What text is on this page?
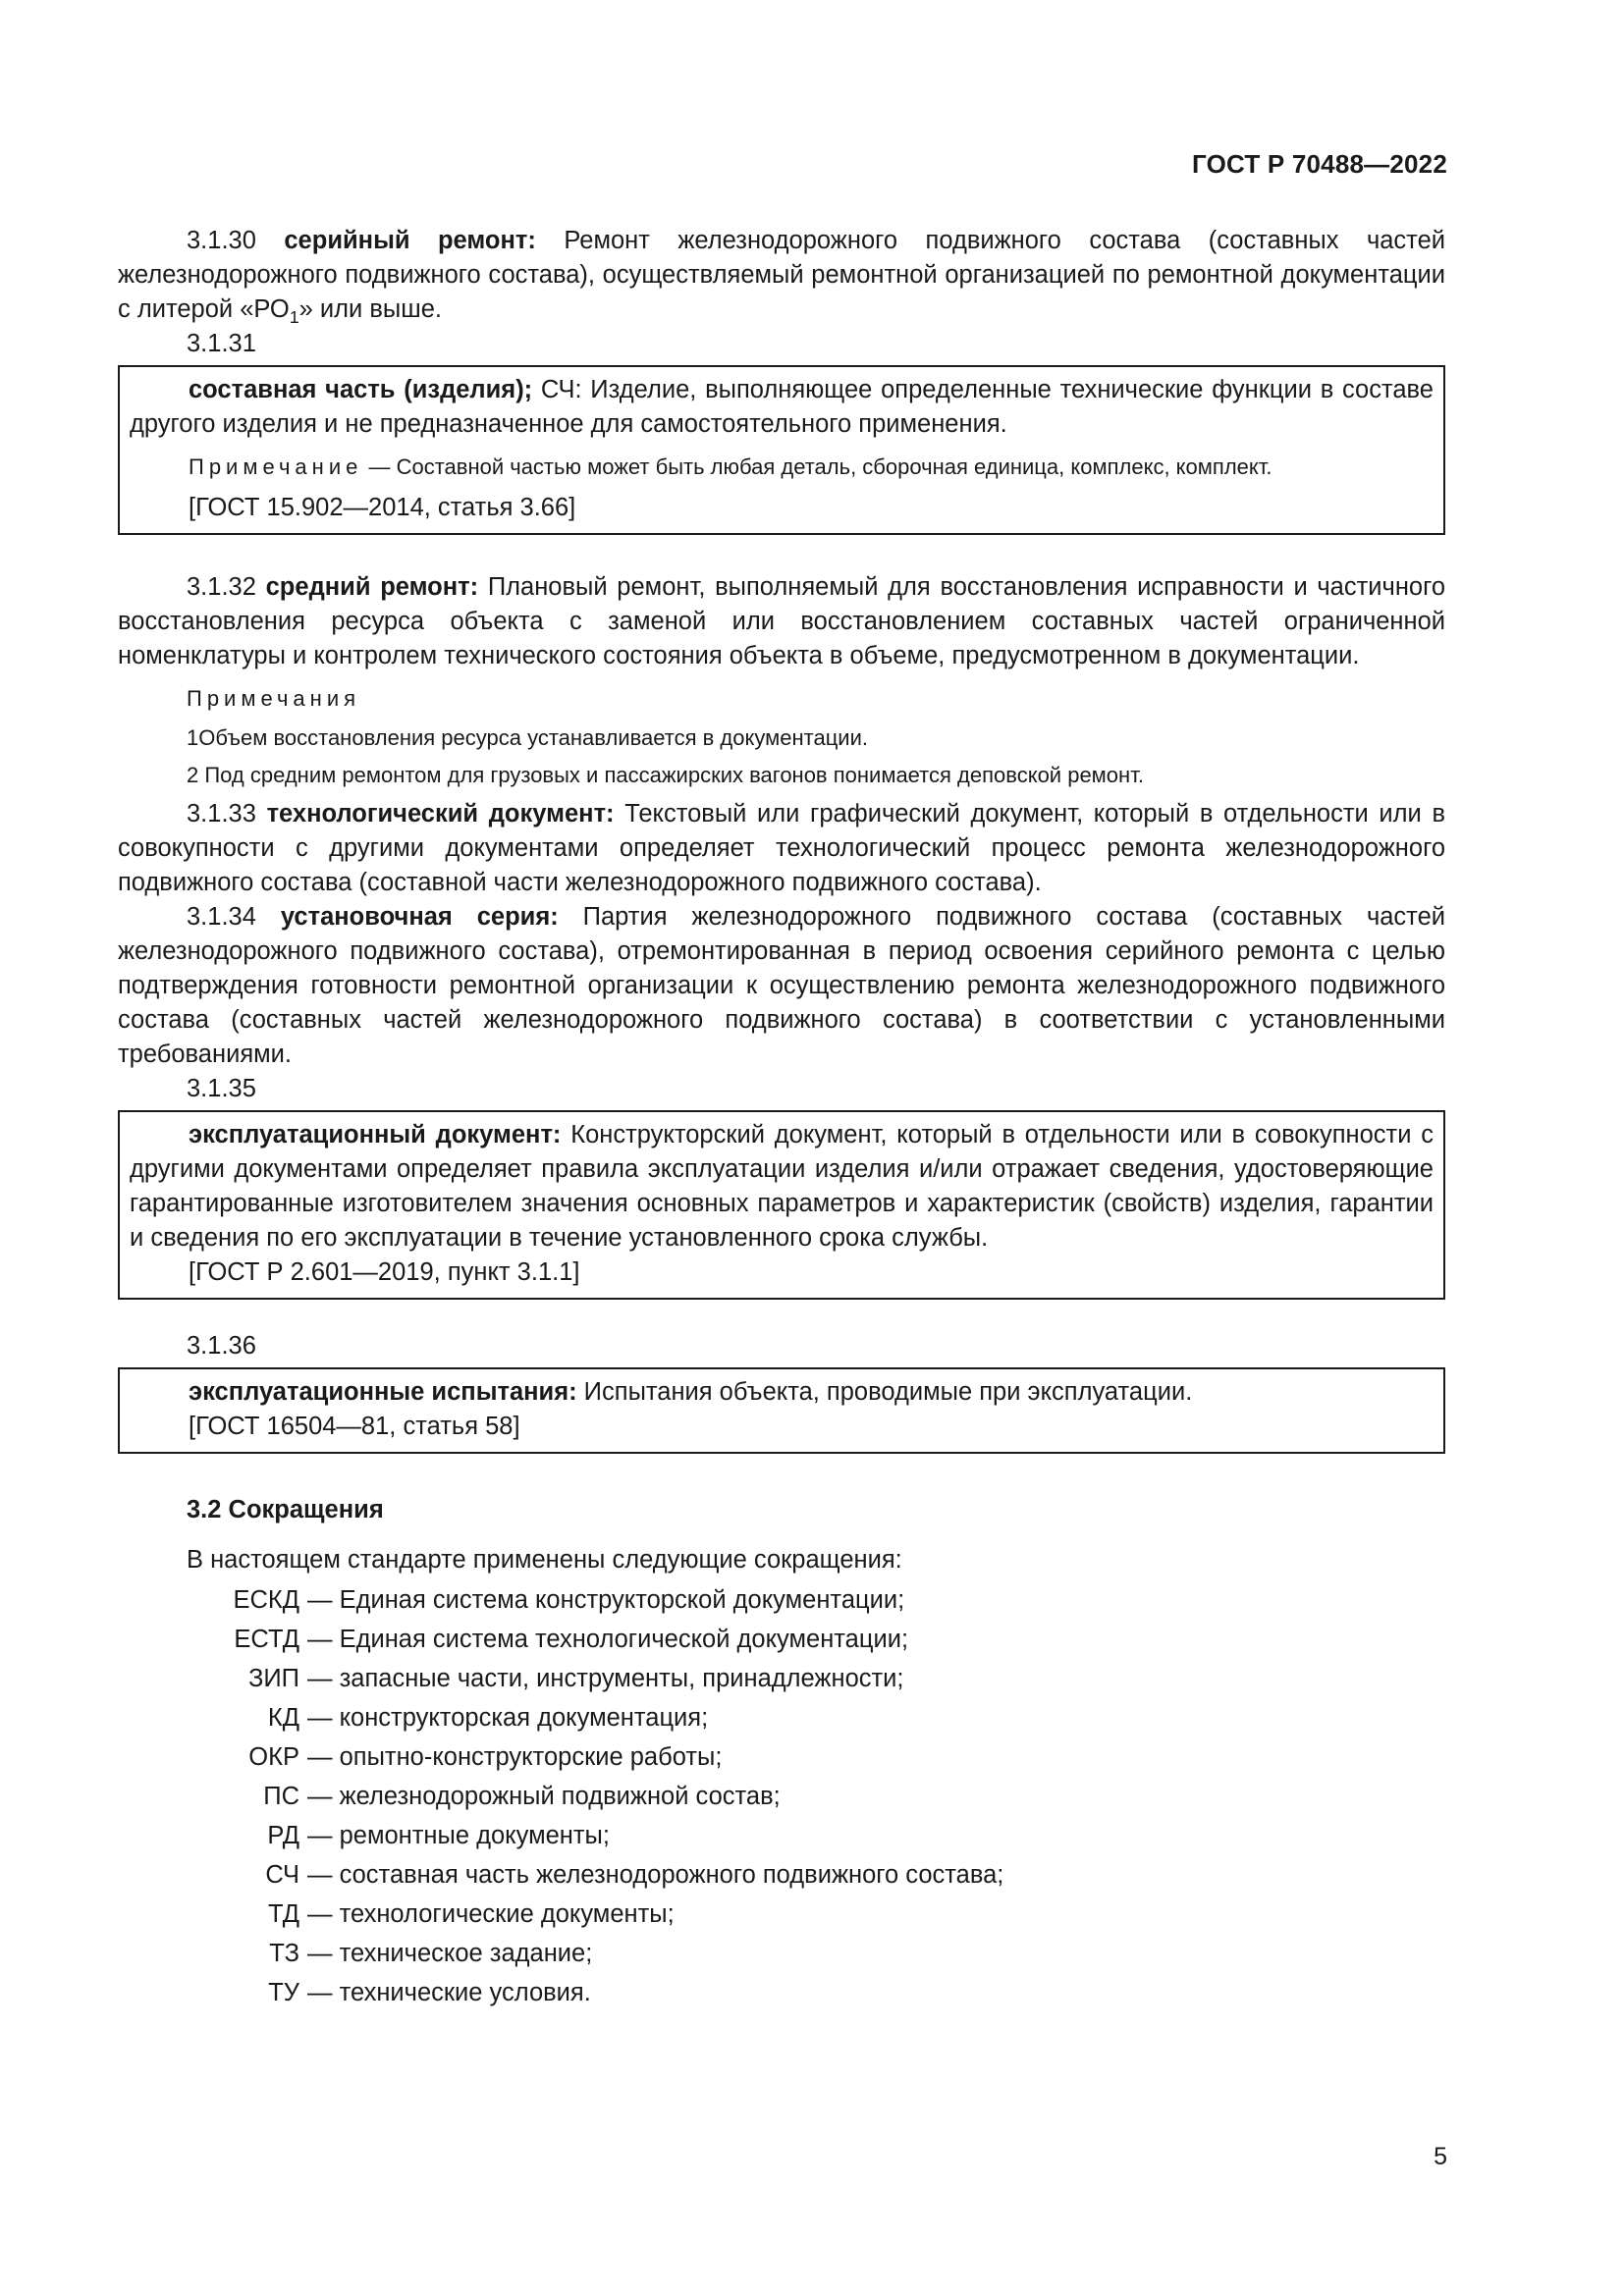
ГОСТ Р 70488—2022

3.1.30 серийный ремонт: Ремонт железнодорожного подвижного состава (составных частей железнодорожного подвижного состава), осуществляемый ремонтной организацией по ремонтной документации с литерой «$РО_1$» или выше.

3.1.31

составная часть (изделия); СЧ: Изделие, выполняющее определенные технические функции в составе другого изделия и не предназначенное для самостоятельного применения.

Примечание — Составной частью может быть любая деталь, сборочная единица, комплекс, комплект.

[ГОСТ 15.902—2014, статья 3.66]

3.1.32 средний ремонт: Плановый ремонт, выполняемый для восстановления исправности и частичного восстановления ресурса объекта с заменой или восстановлением составных частей ограниченной номенклатуры и контролем технического состояния объекта в объеме, предусмотренном в документации.

Примечания

1Объем восстановления ресурса устанавливается в документации.

2 Под средним ремонтом для грузовых и пассажирских вагонов понимается деповской ремонт.

3.1.33 технологический документ: Текстовый или графический документ, который в отдельности или в совокупности с другими документами определяет технологический процесс ремонта железнодорожного подвижного состава (составной части железнодорожного подвижного состава).

3.1.34 установочная серия: Партия железнодорожного подвижного состава (составных частей железнодорожного подвижного состава), отремонтированная в период освоения серийного ремонта с целью подтверждения готовности ремонтной организации к осуществлению ремонта железнодорожного подвижного состава (составных частей железнодорожного подвижного состава) в соответствии с установленными требованиями.

3.1.35

эксплуатационный документ: Конструкторский документ, который в отдельности или в совокупности с другими документами определяет правила эксплуатации изделия и/или отражает сведения, удостоверяющие гарантированные изготовителем значения основных параметров и характеристик (свойств) изделия, гарантии и сведения по его эксплуатации в течение установленного срока службы.

[ГОСТ Р 2.601—2019, пункт 3.1.1]

3.1.36

эксплуатационные испытания: Испытания объекта, проводимые при эксплуатации.

[ГОСТ 16504—81, статья 58]

3.2 Сокращения

В настоящем стандарте применены следующие сокращения:

ЕСКД — Единая система конструкторской документации;
ЕСТД — Единая система технологической документации;
ЗИП — запасные части, инструменты, принадлежности;
КД — конструкторская документация;
ОКР — опытно-конструкторские работы;
ПС — железнодорожный подвижной состав;
РД — ремонтные документы;
СЧ — составная часть железнодорожного подвижного состава;
ТД — технологические документы;
ТЗ — техническое задание;
ТУ — технические условия.
5
